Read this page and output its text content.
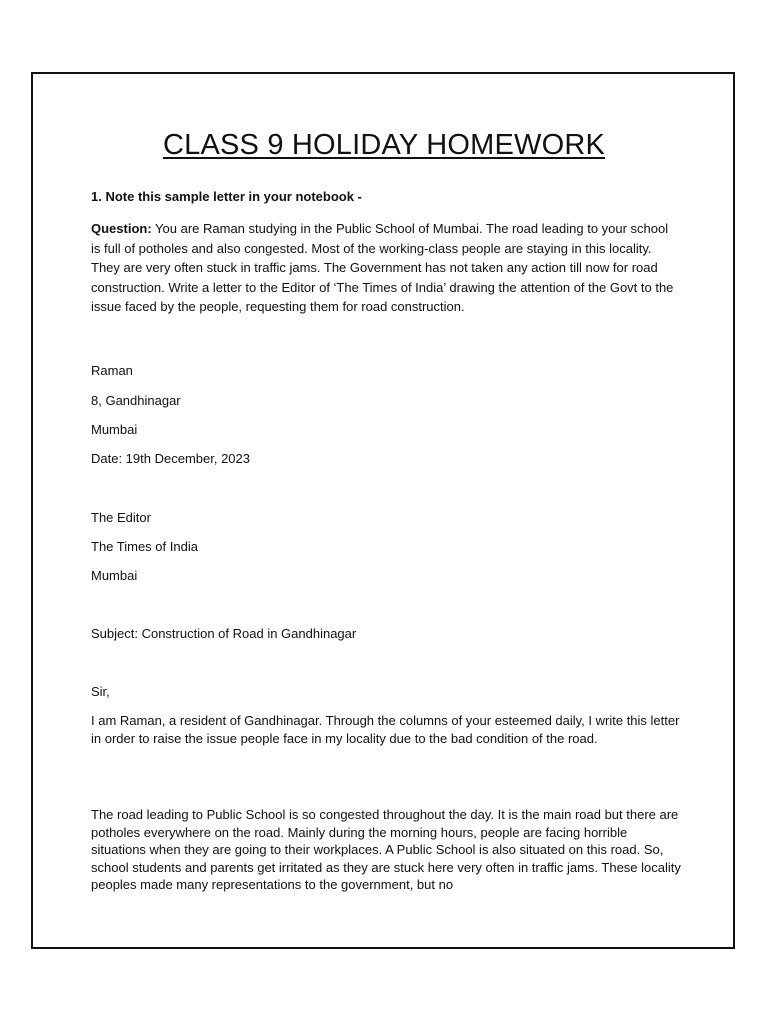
CLASS 9 HOLIDAY HOMEWORK

1. Note this sample letter in your notebook -

Question: You are Raman studying in the Public School of Mumbai. The road leading to your school is full of potholes and also congested. Most of the working-class people are staying in this locality. They are very often stuck in traffic jams. The Government has not taken any action till now for road construction. Write a letter to the Editor of ‘The Times of India’ drawing the attention of the Govt to the issue faced by the people, requesting them for road construction.

Raman

8, Gandhinagar

Mumbai

Date: 19th December, 2023

The Editor

The Times of India

Mumbai

Subject: Construction of Road in Gandhinagar

Sir,

I am Raman, a resident of Gandhinagar. Through the columns of your esteemed daily, I write this letter in order to raise the issue people face in my locality due to the bad condition of the road.

The road leading to Public School is so congested throughout the day. It is the main road but there are potholes everywhere on the road. Mainly during the morning hours, people are facing horrible situations when they are going to their workplaces. A Public School is also situated on this road. So, school students and parents get irritated as they are stuck here very often in traffic jams. These locality peoples made many representations to the government, but no
